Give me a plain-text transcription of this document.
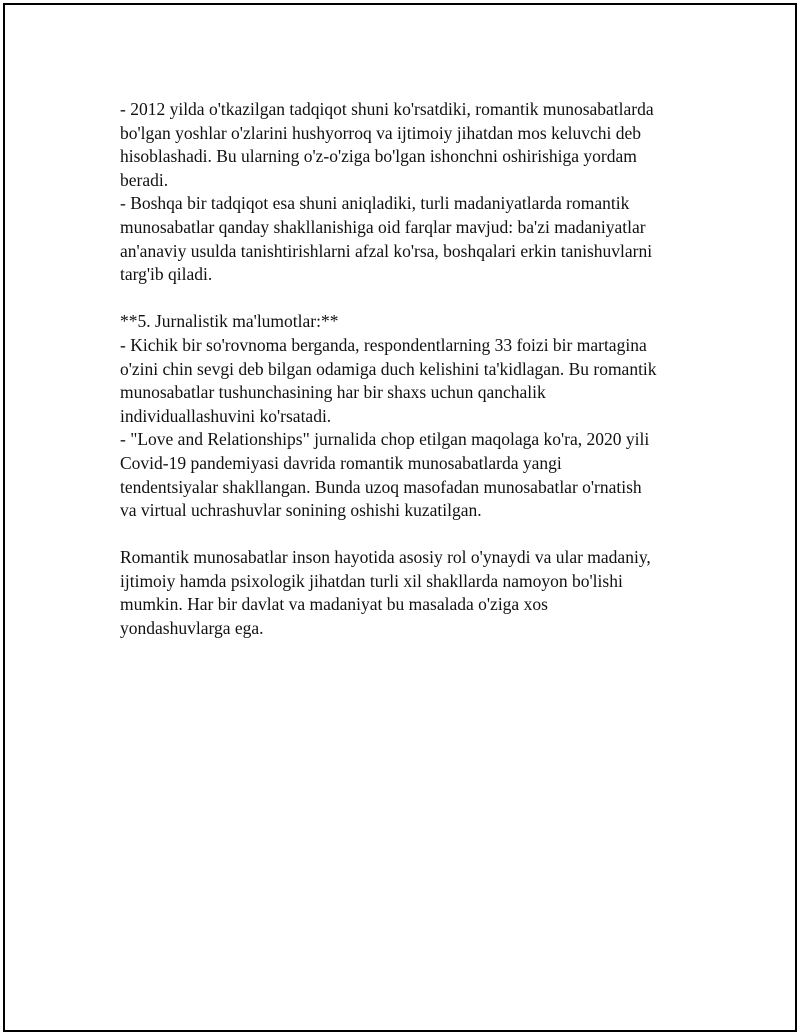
- 2012 yilda o'tkazilgan tadqiqot shuni ko'rsatdiki, romantik munosabatlarda
bo'lgan yoshlar o'zlarini hushyorroq va ijtimoiy jihatdan mos keluvchi deb
hisoblashadi. Bu ularning o'z-o'ziga bo'lgan ishonchni oshirishiga yordam
beradi.
- Boshqa bir tadqiqot esa shuni aniqladiki, turli madaniyatlarda romantik
munosabatlar qanday shakllanishiga oid farqlar mavjud: ba'zi madaniyatlar
an'anaviy usulda tanishtirishlarni afzal ko'rsa, boshqalari erkin tanishuvlarni
targ'ib qiladi.
**5. Jurnalistik ma'lumotlar:**
- Kichik bir so'rovnoma berganda, respondentlarning 33 foizi bir martagina
o'zini chin sevgi deb bilgan odamiga duch kelishini ta'kidlagan. Bu romantik
munosabatlar tushunchasining har bir shaxs uchun qanchalik
individuallashuvini ko'rsatadi.
- "Love and Relationships" jurnalida chop etilgan maqolaga ko'ra, 2020 yili
Covid-19 pandemiyasi davrida romantik munosabatlarda yangi
tendentsiyalar shakllangan. Bunda uzoq masofadan munosabatlar o'rnatish
va virtual uchrashuvlar sonining oshishi kuzatilgan.
Romantik munosabatlar inson hayotida asosiy rol o'ynaydi va ular madaniy,
ijtimoiy hamda psixologik jihatdan turli xil shakllarda namoyon bo'lishi
mumkin. Har bir davlat va madaniyat bu masalada o'ziga xos
yondashuvlarga ega.
